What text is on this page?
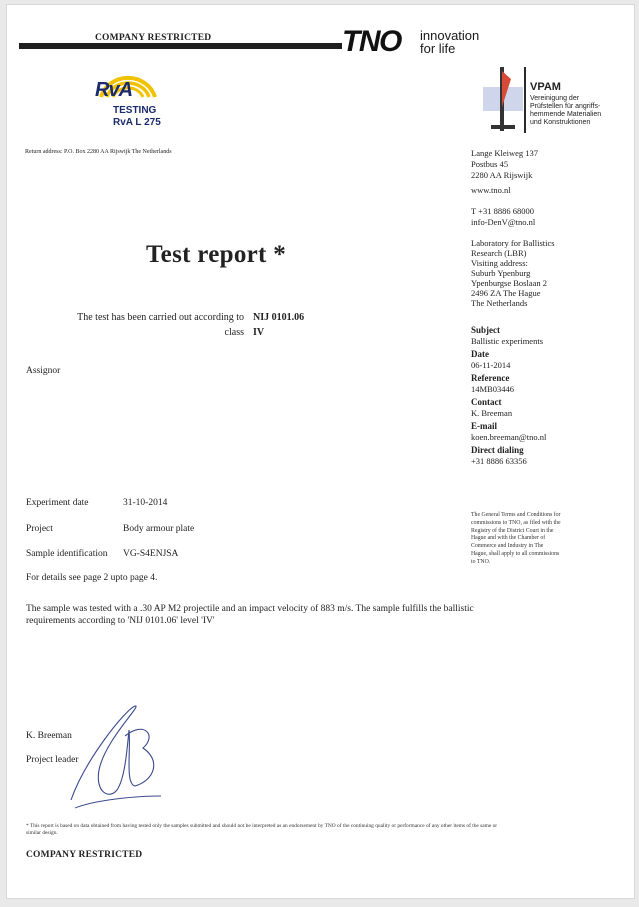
COMPANY RESTRICTED	TNO innovation
for life
RvA
TESTING
RvA L 275
VPAM
Vereinigung der
Prüfstellen für angriffs-
hemmende Materialien
und Konstruktionen
Return address: P.O. Box 2280 AA Rijswijk The Netherlands	Lange Kleiweg 137
Postbus 45
2280 AA Rijswijk
www.tno.nl
T +31 8886 68000
info-DenV@tno.nl
Laboratory for Ballistics
Research (LBR)
Visiting address:
Suburb Ypenburg
Ypenburgse Boslaan 2
2496 ZA The Hague
The Netherlands
Test report *
The test has been carried out according to NIJ 0101.06
class IV
Assignor
Subject
Ballistic experiments
Date
06-11-2014
Reference
14MB03446
Contact
K. Breeman
E-mail
koen.breeman@tno.nl
Direct dialing
+31 8886 63356
Experiment date	31-10-2014
Project	Body armour plate
Sample identification VG-S4ENJSA
For details see page 2 upto page 4.
The General Terms and Conditions for
commissions to TNO, as filed with the
Registry of the District Court in the
Hague and with the Chamber of
Commerce and Industry in The
Hague, shall apply to all commissions
to TNO.
The sample was tested with a .30 AP M2 projectile and an impact velocity of 883 m/s. The sample fulfills the ballistic
requirements according to 'NIJ 0101.06' level 'IV'
K. Breeman
Project leader
* This report is based on data obtained from having tested only the samples submitted and should not be interpreted as an endorsement by TNO of the continuing quality or performance of any other items of the same or
similar design.
COMPANY RESTRICTED
